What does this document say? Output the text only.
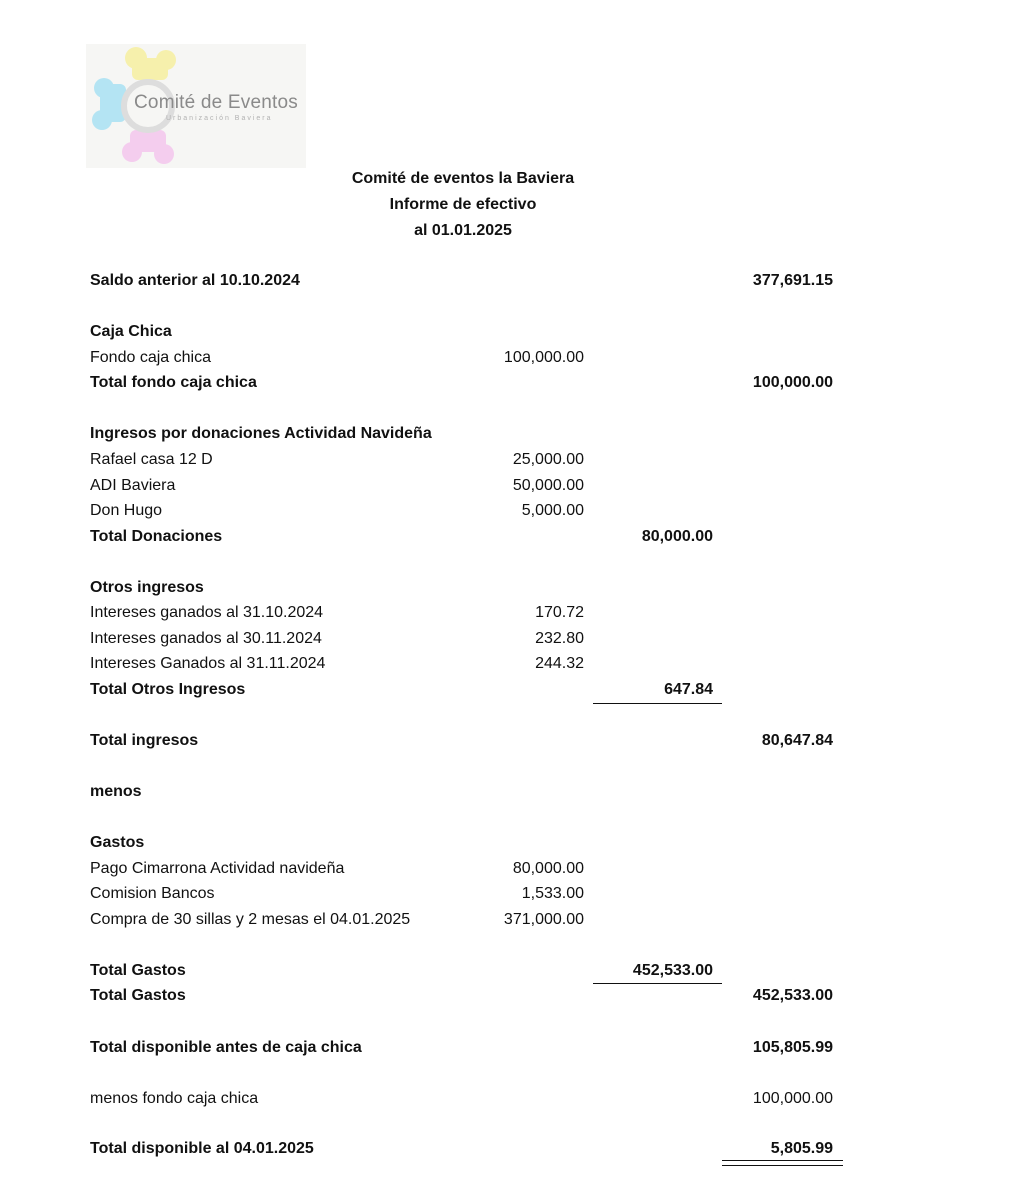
Comité de Eventos
Urbanización Baviera
Comité de eventos la Baviera
Informe de efectivo
al 01.01.2025
Saldo anterior al 10.10.2024	377,691.15
Caja Chica
Fondo caja chica	100,000.00
Total fondo caja chica	100,000.00
Ingresos por donaciones Actividad Navideña
Rafael casa 12 D	25,000.00
ADI Baviera	50,000.00
Don Hugo	5,000.00
Total Donaciones	80,000.00
Otros ingresos
Intereses ganados al 31.10.2024	170.72
Intereses ganados al 30.11.2024	232.80
Intereses Ganados al 31.11.2024	244.32
Total Otros Ingresos	647.84
Total ingresos	80,647.84
menos
Gastos
Pago Cimarrona Actividad navideña	80,000.00
Comision Bancos	1,533.00
Compra de 30 sillas y 2 mesas el 04.01.2025	371,000.00
Total Gastos	452,533.00
Total Gastos	452,533.00
Total disponible antes de caja chica	105,805.99
menos fondo caja chica	100,000.00
Total disponible al 04.01.2025	5,805.99
